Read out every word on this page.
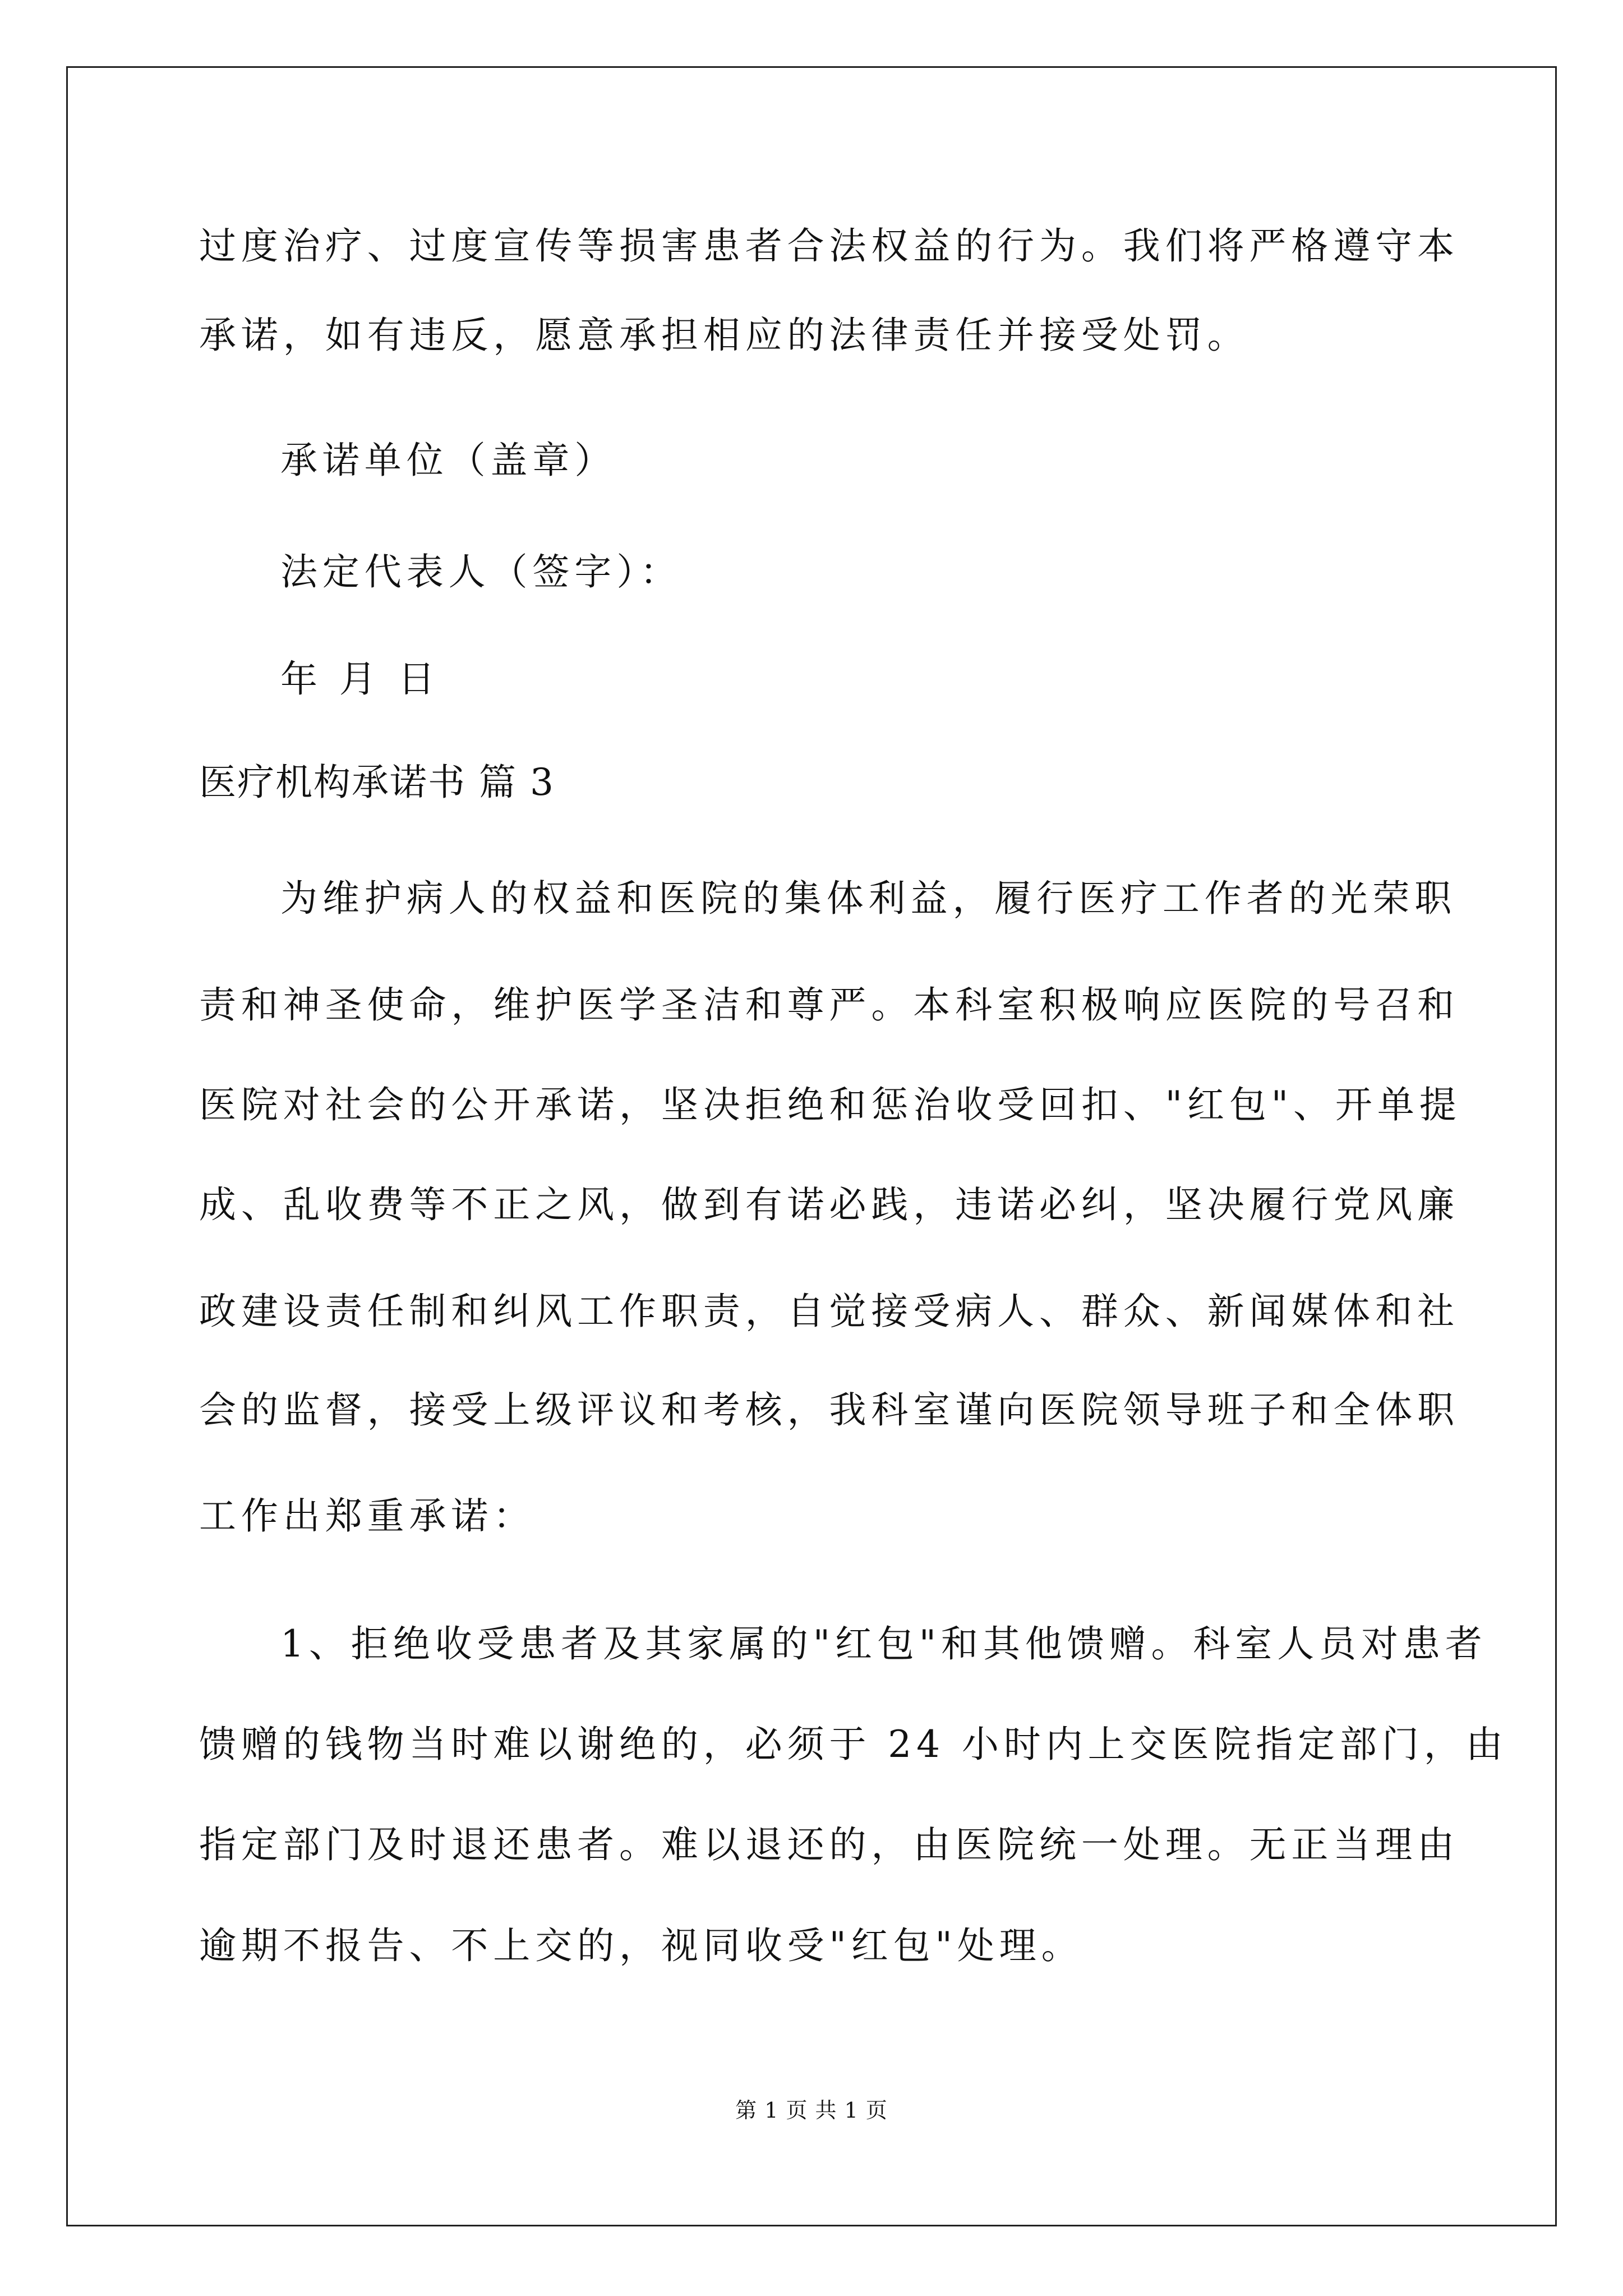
过度治疗、过度宣传等损害患者合法权益的行为。我们将严格遵守本
承诺，如有违反，愿意承担相应的法律责任并接受处罚。
承诺单位（盖章）
法定代表人（签字）：
年 月 日
医疗机构承诺书 篇 3
为维护病人的权益和医院的集体利益，履行医疗工作者的光荣职
责和神圣使命，维护医学圣洁和尊严。本科室积极响应医院的号召和
医院对社会的公开承诺，坚决拒绝和惩治收受回扣、"红包"、开单提
成、乱收费等不正之风，做到有诺必践，违诺必纠，坚决履行党风廉
政建设责任制和纠风工作职责，自觉接受病人、群众、新闻媒体和社
会的监督，接受上级评议和考核，我科室谨向医院领导班子和全体职
工作出郑重承诺：
1、拒绝收受患者及其家属的"红包"和其他馈赠。科室人员对患者
馈赠的钱物当时难以谢绝的，必须于 24 小时内上交医院指定部门，由
指定部门及时退还患者。难以退还的，由医院统一处理。无正当理由
逾期不报告、不上交的，视同收受"红包"处理。
第 1 页 共 1 页
